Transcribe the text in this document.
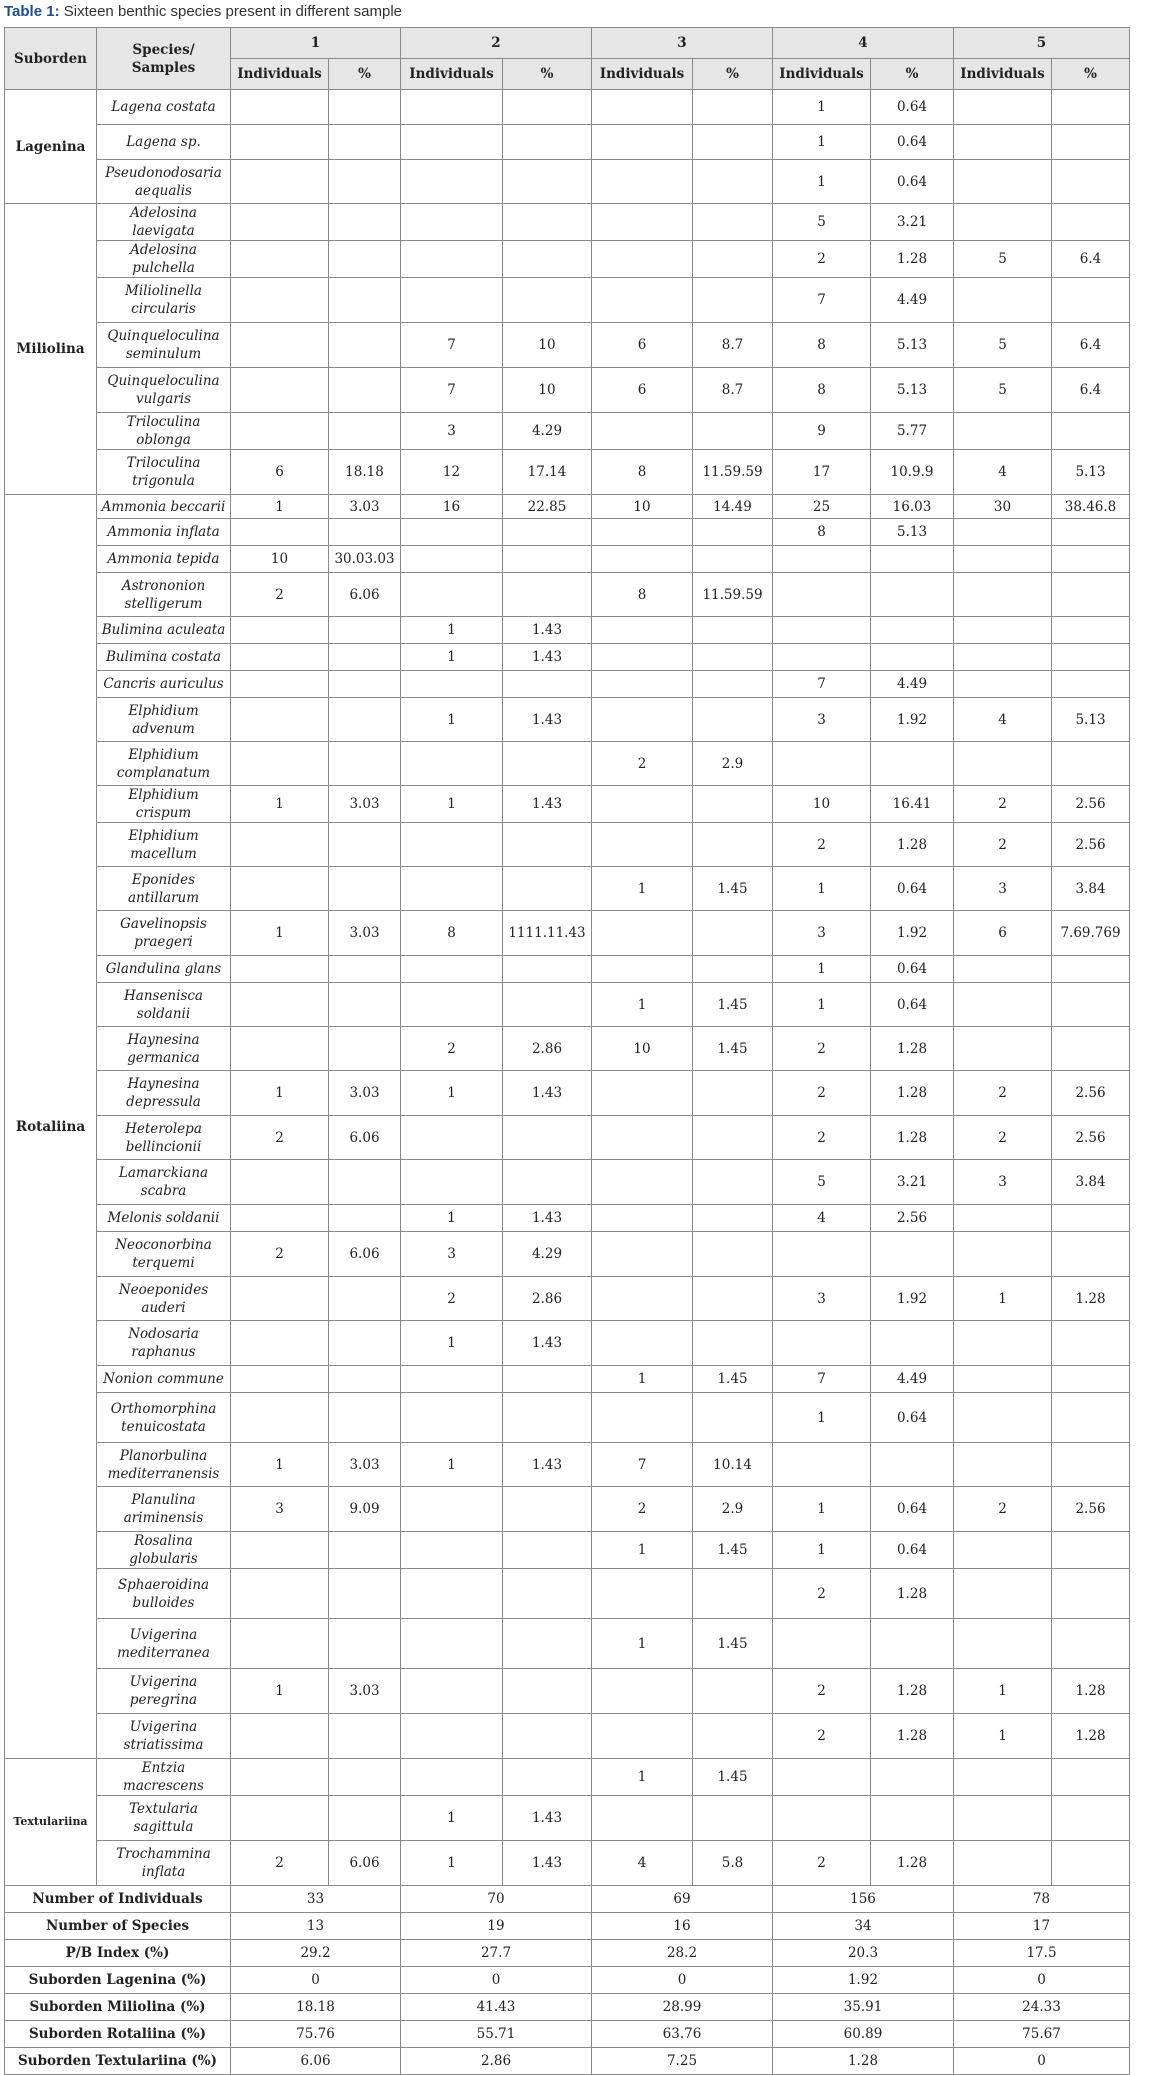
Table 1: Sixteen benthic species present in different sample
Suborden	Species/ Samples	1		2		3		4		5	
		Individuals	%	Individuals	%	Individuals	%	Individuals	%	Individuals	%
Lagenina	Lagena costata							1	0.64		
	Lagena sp.							1	0.64		
	Pseudonodosaria aequalis							1	0.64		
Miliolina	Adelosina laevigata							5	3.21		
	Adelosina pulchella							2	1.28	5	6.4
	Miliolinella circularis							7	4.49		
	Quinqueloculina seminulum			7	10	6	8.7	8	5.13	5	6.4
	Quinqueloculina vulgaris			7	10	6	8.7	8	5.13	5	6.4
	Triloculina oblonga			3	4.29			9	5.77		
	Triloculina trigonula	6	18.18	12	17.14	8	11.59.59	17	10.9.9	4	5.13
Rotaliina	Ammonia beccarii	1	3.03	16	22.85	10	14.49	25	16.03	30	38.46.8
	Ammonia inflata							8	5.13		
	Ammonia tepida	10	30.03.03								
	Astrononion stelligerum	2	6.06			8	11.59.59				
	Bulimina aculeata			1	1.43						
	Bulimina costata			1	1.43						
	Cancris auriculus							7	4.49		
	Elphidium advenum			1	1.43			3	1.92	4	5.13
	Elphidium complanatum					2	2.9				
	Elphidium crispum	1	3.03	1	1.43			10	16.41	2	2.56
	Elphidium macellum							2	1.28	2	2.56
	Eponides antillarum					1	1.45	1	0.64	3	3.84
	Gavelinopsis praegeri	1	3.03	8	1111.11.43			3	1.92	6	7.69.769
	Glandulina glans							1	0.64		
	Hansenisca soldanii					1	1.45	1	0.64		
	Haynesina germanica			2	2.86	10	1.45	2	1.28		
	Haynesina depressula	1	3.03	1	1.43			2	1.28	2	2.56
	Heterolepa bellincionii	2	6.06					2	1.28	2	2.56
	Lamarckiana scabra							5	3.21	3	3.84
	Melonis soldanii			1	1.43			4	2.56		
	Neoconorbina terquemi	2	6.06	3	4.29						
	Neoeponides auderi			2	2.86			3	1.92	1	1.28
	Nodosaria raphanus			1	1.43						
	Nonion commune					1	1.45	7	4.49		
	Orthomorphina tenuicostata							1	0.64		
	Planorbulina mediterranensis	1	3.03	1	1.43	7	10.14				
	Planulina ariminensis	3	9.09			2	2.9	1	0.64	2	2.56
	Rosalina globularis					1	1.45	1	0.64		
	Sphaeroidina bulloides							2	1.28		
	Uvigerina mediterranea					1	1.45				
	Uvigerina peregrina	1	3.03					2	1.28	1	1.28
	Uvigerina striatissima							2	1.28	1	1.28
Textulariina	Entzia macrescens					1	1.45				
	Textularia sagittula			1	1.43						
	Trochammina inflata	2	6.06	1	1.43	4	5.8	2	1.28		
Number of Individuals		33		70		69		156		78	
Number of Species		13		19		16		34		17	
P/B Index (%)		29.2		27.7		28.2		20.3		17.5	
Suborden Lagenina (%)		0		0		0		1.92		0	
Suborden Miliolina (%)		18.18		41.43		28.99		35.91		24.33	
Suborden Rotaliina (%)		75.76		55.71		63.76		60.89		75.67	
Suborden Textulariina (%)		6.06		2.86		7.25		1.28		0	
